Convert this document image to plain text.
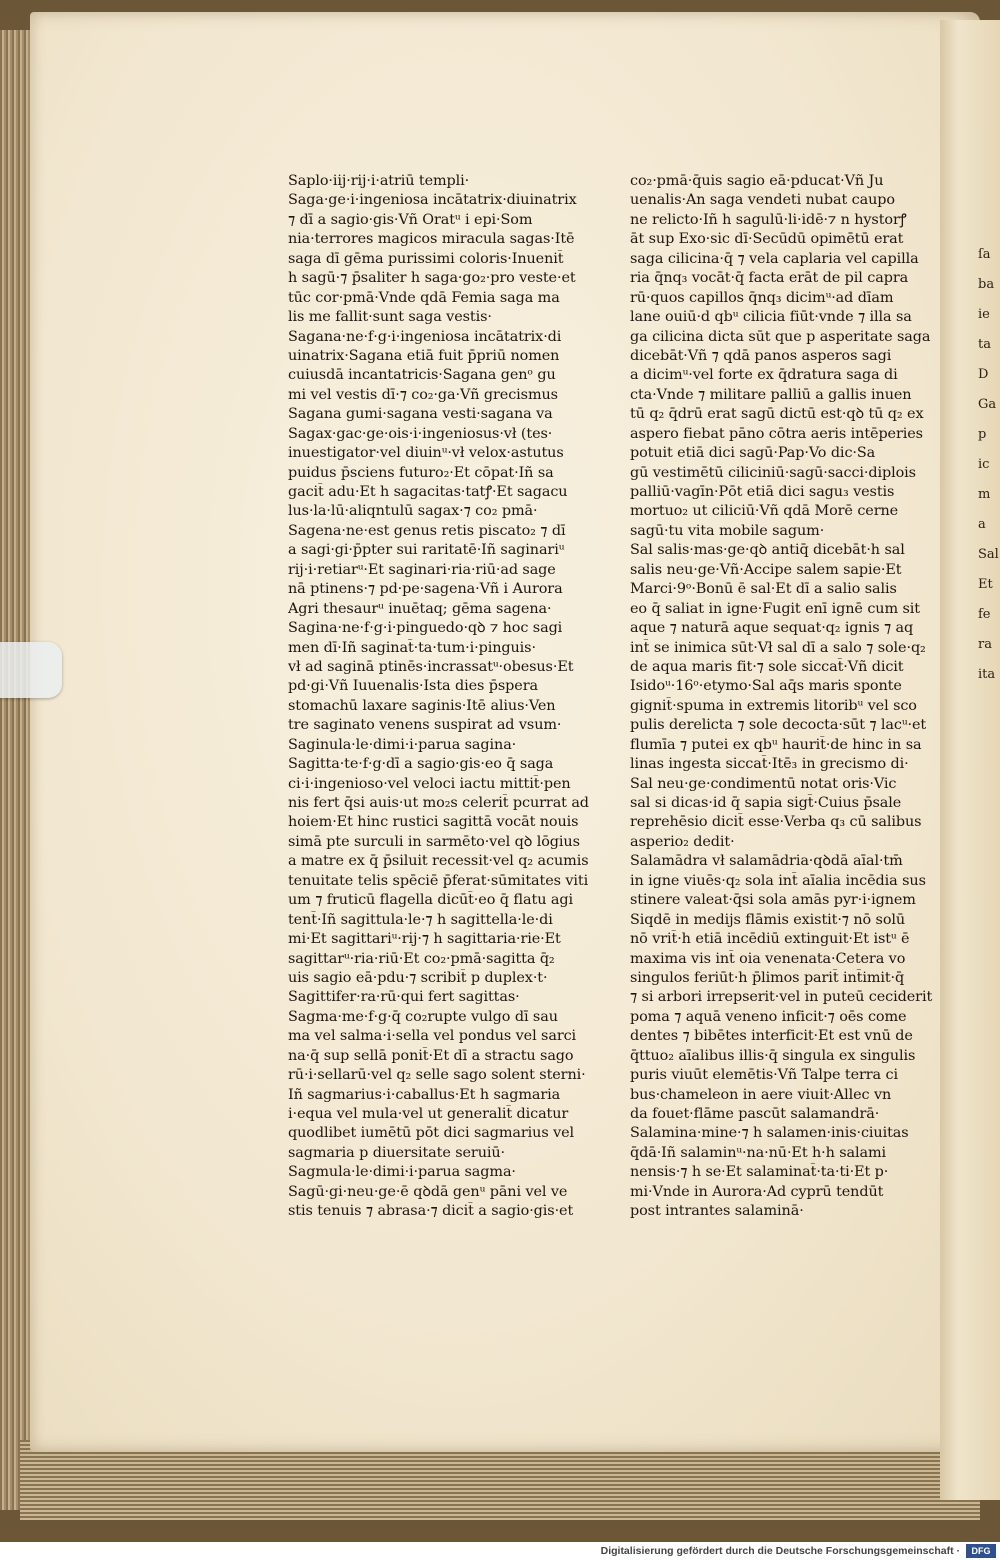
ſa
ba
ie
ta
D
Ga
p
ic
m
a
Sal
Et
fe
ra
ita
Saplo·iij·rij·i·atriū templi·
Saga·ge·i·ingeniosa incātatrix·diuinatrix
⁊ dī a sagio·gis·Vñ Oratᵘ i epi·Som
nia·terrores magicos miracula sagas·Itē
saga dī gēma purissimi coloris·Inuenit̄
h sagū·⁊ p̄saliter h saga·go₂·pro veste·et
tūc cor·pmā·Vnde qdā Femia saga ma
lis me fallit·sunt saga vestis·
Sagana·ne·f·g·i·ingeniosa incātatrix·di
uinatrix·Sagana etiā fuit p̄priū nomen
cuiusdā incantatricis·Sagana genᵒ gu
mi vel vestis dī·⁊ co₂·ga·Vñ grecismus
Sagana gumi·sagana vesti·sagana va
Sagax·gac·ge·ois·i·ingeniosus·vł (tes·
inuestigator·vel diuinᵘ·vł velox·astutus
puidus p̄sciens futuro₂·Et cōpat·Iñ sa
gacit̄ adu·Et h sagacitas·tatꝭ·Et sagacu
lus·la·lū·aliqntulū sagax·⁊ co₂ pmā·
Sagena·ne·est genus retis piscato₂ ⁊ dī
a sagi·gi·p̄pter sui raritatē·Iñ saginariᵘ
rij·i·retiarᵘ·Et saginari·ria·riū·ad sage
nā ptinens·⁊ pd·pe·sagena·Vñ i Aurora
Agri thesaurᵘ inuētaq; gēma sagena·
Sagina·ne·f·g·i·pinguedo·qꝺ ⁊ hoc sagi
men dī·Iñ saginat̄·ta·tum·i·pinguis·
vł ad saginā ptinēs·incrassatᵘ·obesus·Et
pd·gi·Vñ Iuuenalis·Ista dies p̄spera
stomachū laxare saginis·Itē alius·Ven
tre saginato venens suspirat ad vsum·
Saginula·le·dimi·i·parua sagina·
Sagitta·te·f·g·dī a sagio·gis·eo q̄ saga
ci·i·ingenioso·vel veloci iactu mittit̄·pen
nis fert q̄si auis·ut mo₂s celerit̄ pcurrat ad
hoiem·Et hinc rustici sagittā vocāt nouis
simā pte surculi in sarmēto·vel qꝺ lōgius
a matre ex q̄ p̄siluit recessit·vel q₂ acumis
tenuitate telis spēciē p̄ferat·sūmitates viti
um ⁊ fruticū flagella dicūt̄·eo q̄ flatu agi
tent̄·Iñ sagittula·le·⁊ h sagittella·le·di
mi·Et sagittariᵘ·rij·⁊ h sagittaria·rie·Et
sagittarᵘ·ria·riū·Et co₂·pmā·sagitta q̄₂
uis sagio eā·pdu·⁊ scribit̄ p duplex·t·
Sagittifer·ra·rū·qui fert sagittas·
Sagma·me·f·g·q̄ co₂rupte vulgo dī sau
ma vel salma·i·sella vel pondus vel sarci
na·q̄ sup sellā ponit̄·Et dī a stractu sago
rū·i·sellarū·vel q₂ selle sago solent sterni·
Iñ sagmarius·i·caballus·Et h sagmaria
i·equa vel mula·vel ut generalit̄ dicatur
quodlibet iumētū pōt dici sagmarius vel
sagmaria p diuersitate seruiū·
Sagmula·le·dimi·i·parua sagma·
Sagū·gi·neu·ge·ē qꝺdā genᵘ pāni vel ve
stis tenuis ⁊ abrasa·⁊ dicit̄ a sagio·gis·et
co₂·pmā·q̄uis sagio eā·pducat·Vñ Ju
uenalis·An saga vendeti nubat caupo
ne relicto·Iñ h sagulū·li·idē·⁊ n hystorꝭ
āt sup Exo·sic dī·Secūdū opimētū erat
saga cilicina·q̄ ⁊ vela caplaria vel capilla
ria q̄nq₃ vocāt·q̄ facta erāt de pil capra
rū·quos capillos q̄nq₃ dicimᵘ·ad dīam
lane ouiū·d qbᵘ cilicia fiūt·vnde ⁊ illa sa
ga cilicina dicta sūt que p asperitate saga
dicebāt·Vñ ⁊ qdā panos asperos sagi
a dicimᵘ·vel forte ex q̄dratura saga di
cta·Vnde ⁊ militare palliū a gallis inuen
tū q₂ q̄drū erat sagū dictū est·qꝺ tū q₂ ex
aspero fiebat pāno cōtra aeris intēperies
potuit etiā dici sagū·Pap·Vo dic·Sa
gū vestimētū ciliciniū·sagū·sacci·diplois
palliū·vagīn·Pōt etiā dici sagu₃ vestis
mortuo₂ ut ciliciū·Vñ qdā Morē cerne
sagū·tu vita mobile sagum·
Sal salis·mas·ge·qꝺ antiq̄ dicebāt·h sal
salis neu·ge·Vñ·Accipe salem sapie·Et
Marci·9ᵒ·Bonū ē sal·Et dī a salio salis
eo q̄ saliat in igne·Fugit enī ignē cum sit
aque ⁊ naturā aque sequat·q₂ ignis ⁊ aq
int̄ se inimica sūt·Vł sal dī a salo ⁊ sole·q₂
de aqua maris fit·⁊ sole siccat̄·Vñ dicit
Isidoᵘ·16ᵒ·etymo·Sal aq̄s maris sponte
gignit̄·spuma in extremis litoribᵘ vel sco
pulis derelicta ⁊ sole decocta·sūt ⁊ lacᵘ·et
flumīa ⁊ putei ex qbᵘ haurit̄·de hinc in sa
linas ingesta siccat̄·Itē₃ in grecismo di·
Sal neu·ge·condimentū notat oris·Vic
sal si dicas·id q̄ sapia sigt̄·Cuius p̄sale
reprehēsio dicit̄ esse·Verba q₃ cū salibus
asperio₂ dedit·
Salamādra vł salamādria·qꝺdā aīal·tm̄
in igne viuēs·q₂ sola int̄ aīalia incēdia sus
stinere valeat·q̄si sola amās pyr·i·ignem
Siqdē in medijs flāmis existit·⁊ nō solū
nō vrit̄·h etiā incēdiū extinguit·Et istᵘ ē
maxima vis int̄ oia venenata·Cetera vo
singulos feriūt·h p̄limos parit̄ int̄imit·q̄
⁊ si arbori irrepserit·vel in puteū ceciderit
poma ⁊ aquā veneno inficit·⁊ oēs come
dentes ⁊ bibētes interficit·Et est vnū de
q̄ttuo₂ aīalibus illis·q̄ singula ex singulis
puris viuūt elemētis·Vñ Talpe terra ci
bus·chameleon in aere viuit·Allec vn
da fouet·flāme pascūt salamandrā·
Salamina·mine·⁊ h salamen·inis·ciuitas
q̄dā·Iñ salaminᵘ·na·nū·Et h·h salami
nensis·⁊ h se·Et salaminat̄·ta·ti·Et p·
mi·Vnde in Aurora·Ad cyprū tendūt
post intrantes salaminā·
Digitalisierung gefördert durch die Deutsche Forschungsgemeinschaft ·	DFG
